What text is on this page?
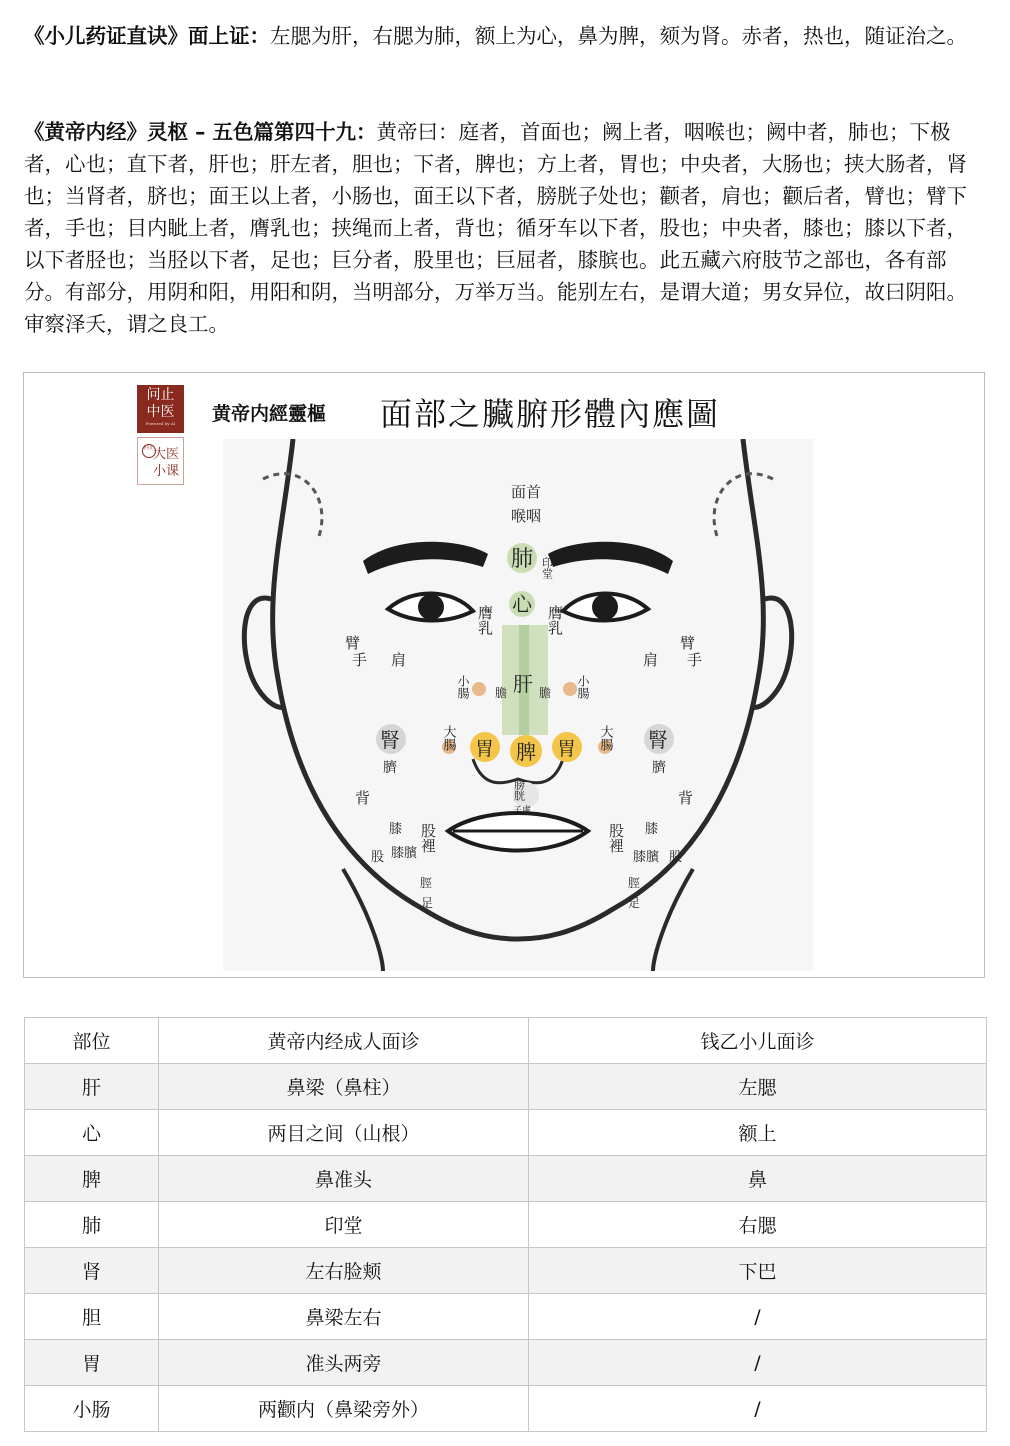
《小儿药证直诀》面上证：左腮为肝，右腮为肺，额上为心，鼻为脾，颏为肾。赤者，热也，随证治之。

《黄帝内经》灵枢 – 五色篇第四十九：黄帝曰：庭者，首面也；阙上者，咽喉也；阙中者，肺也；下极者，心也；直下者，肝也；肝左者，胆也；下者，脾也；方上者，胃也；中央者，大肠也；挟大肠者，肾也；当肾者，脐也；面王以上者，小肠也，面王以下者，膀胱子处也；颧者，肩也；颧后者，臂也；臂下者，手也；目内眦上者，膺乳也；挟绳而上者，背也；循牙车以下者，股也；中央者，膝也；膝以下者，以下者胫也；当胫以下者，足也；巨分者，股里也；巨屈者，膝膑也。此五藏六府肢节之部也，各有部分。有部分，用阴和阳，用阳和阴，当明部分，万举万当。能别左右，是谓大道；男女异位，故曰阴阳。审察泽夭，谓之良工。

问止
中医
Powered by AI
问止
大医
小课
黄帝内經靈樞 面部之臟腑形體內應圖
面首
喉咽
肺 印堂
心
膺乳	膺乳
肝
膽	膽
小腸	小腸
大腸	大腸
胃 脾 胃
腎	腎
臍	臍
膀胱
子處
臂	臂
手	手
肩	肩
背	背
股裡	股裡
膝	膝
股	股
膝臏	膝臏
脛	脛
足	足
部位	黄帝内经成人面诊	钱乙小儿面诊
肝	鼻梁（鼻柱）	左腮
心	两目之间（山根）	额上
脾	鼻准头	鼻
肺	印堂	右腮
肾	左右脸颊	下巴
胆	鼻梁左右	/
胃	准头两旁	/
小肠	两颧内（鼻梁旁外）	/
